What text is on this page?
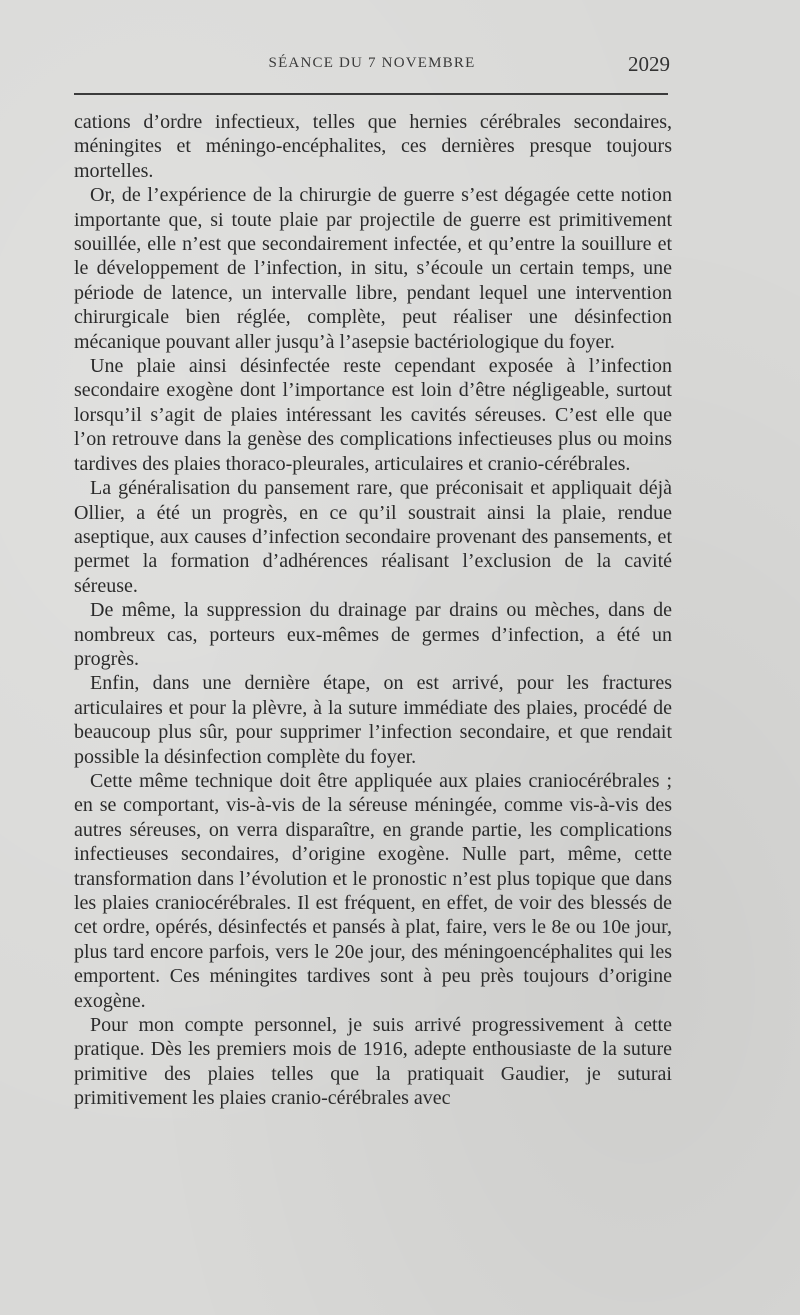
SÉANCE DU 7 NOVEMBRE	2029

cations d’ordre infectieux, telles que hernies cérébrales secondaires, méningites et méningo-encéphalites, ces dernières presque toujours mortelles.

Or, de l’expérience de la chirurgie de guerre s’est dégagée cette notion importante que, si toute plaie par projectile de guerre est primitivement souillée, elle n’est que secondairement infectée, et qu’entre la souillure et le développement de l’infection, in situ, s’écoule un certain temps, une période de latence, un intervalle libre, pendant lequel une intervention chirurgicale bien réglée, complète, peut réaliser une désinfection mécanique pouvant aller jusqu’à l’asepsie bactériologique du foyer.

Une plaie ainsi désinfectée reste cependant exposée à l’infection secondaire exogène dont l’importance est loin d’être négligeable, surtout lorsqu’il s’agit de plaies intéressant les cavités séreuses. C’est elle que l’on retrouve dans la genèse des complications infectieuses plus ou moins tardives des plaies thoraco-pleurales, articulaires et cranio-cérébrales.

La généralisation du pansement rare, que préconisait et appliquait déjà Ollier, a été un progrès, en ce qu’il soustrait ainsi la plaie, rendue aseptique, aux causes d’infection secondaire provenant des pansements, et permet la formation d’adhérences réalisant l’exclusion de la cavité séreuse.

De même, la suppression du drainage par drains ou mèches, dans de nombreux cas, porteurs eux-mêmes de germes d’infection, a été un progrès.

Enfin, dans une dernière étape, on est arrivé, pour les fractures articulaires et pour la plèvre, à la suture immédiate des plaies, procédé de beaucoup plus sûr, pour supprimer l’infection secondaire, et que rendait possible la désinfection complète du foyer.

Cette même technique doit être appliquée aux plaies craniocérébrales ; en se comportant, vis-à-vis de la séreuse méningée, comme vis-à-vis des autres séreuses, on verra disparaître, en grande partie, les complications infectieuses secondaires, d’origine exogène. Nulle part, même, cette transformation dans l’évolution et le pronostic n’est plus topique que dans les plaies craniocérébrales. Il est fréquent, en effet, de voir des blessés de cet ordre, opérés, désinfectés et pansés à plat, faire, vers le 8e ou 10e jour, plus tard encore parfois, vers le 20e jour, des méningoencéphalites qui les emportent. Ces méningites tardives sont à peu près toujours d’origine exogène.

Pour mon compte personnel, je suis arrivé progressivement à cette pratique. Dès les premiers mois de 1916, adepte enthousiaste de la suture primitive des plaies telles que la pratiquait Gaudier, je suturai primitivement les plaies cranio-cérébrales avec
